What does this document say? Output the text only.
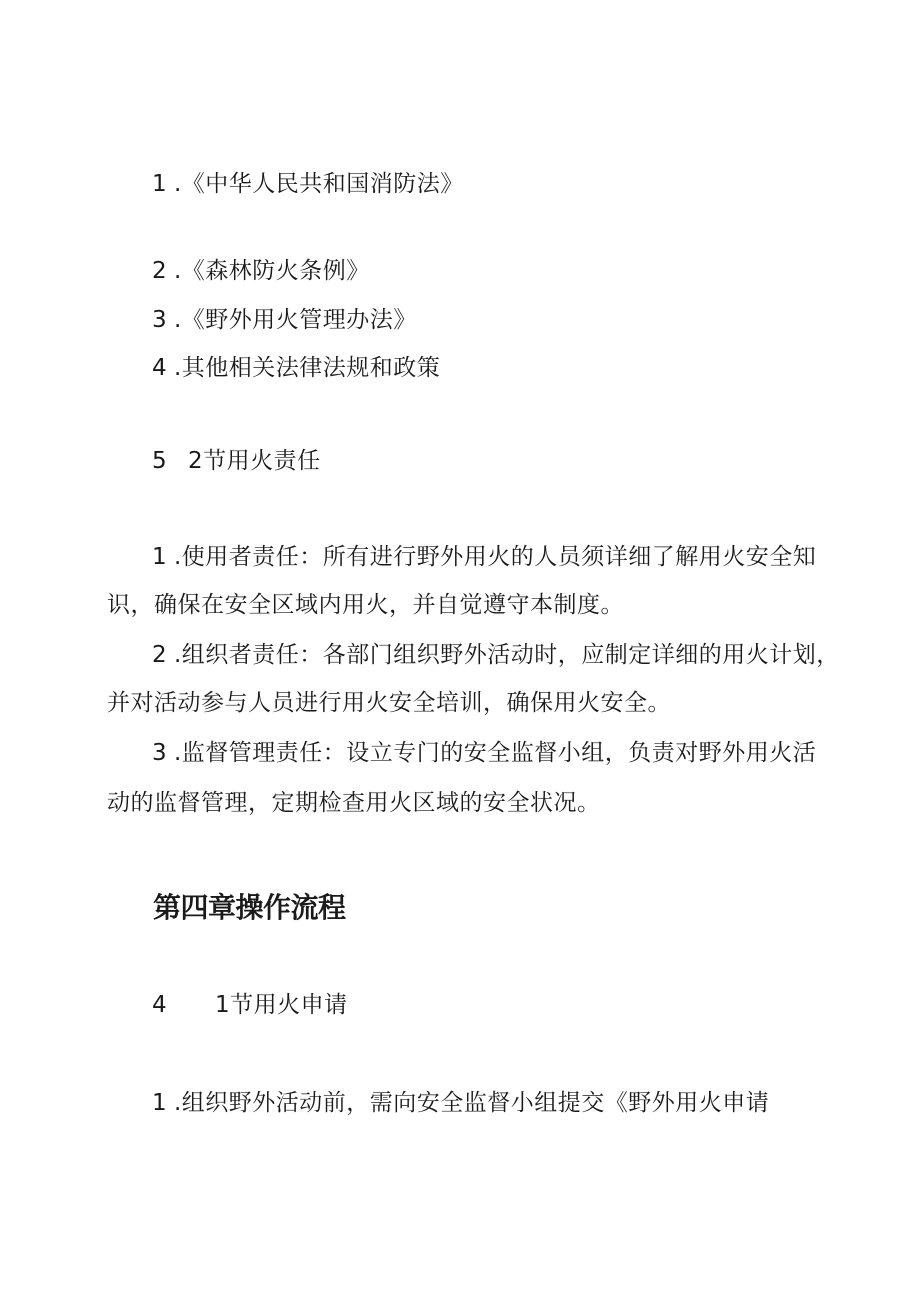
1 .《中华人民共和国消防法》
2 .《森林防火条例》
3 .《野外用火管理办法》
4 .其他相关法律法规和政策
5 2节用火责任
1 .使用者责任：所有进行野外用火的人员须详细了解用火安全知
识，确保在安全区域内用火，并自觉遵守本制度。
2 .组织者责任：各部门组织野外活动时，应制定详细的用火计划，
并对活动参与人员进行用火安全培训，确保用火安全。
3 .监督管理责任：设立专门的安全监督小组，负责对野外用火活
动的监督管理，定期检查用火区域的安全状况。
第四章操作流程
4 1节用火申请
1 .组织野外活动前，需向安全监督小组提交《野外用火申请
